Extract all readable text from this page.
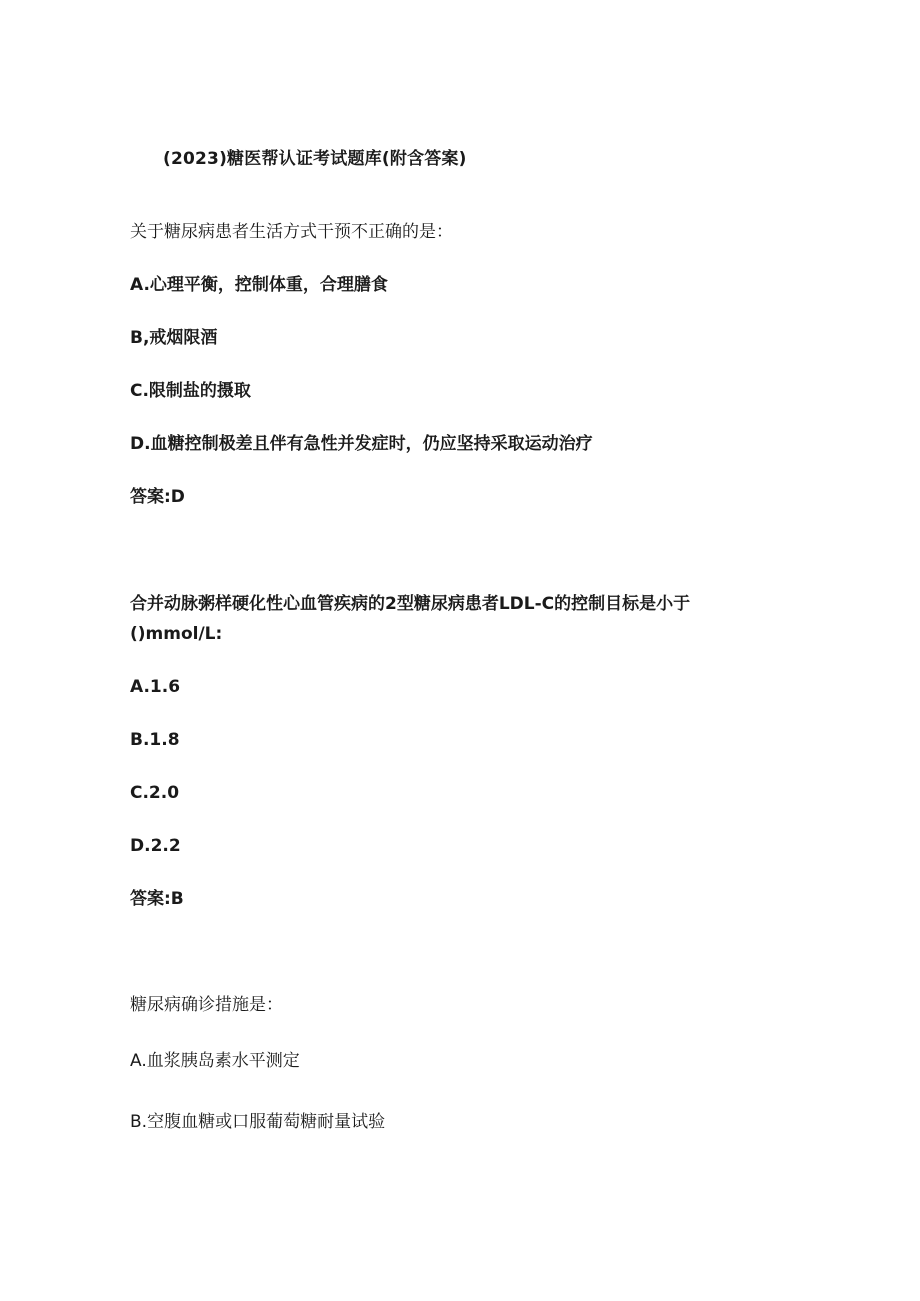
(2023)糖医帮认证考试题库(附含答案)
关于糖尿病患者生活方式干预不正确的是：
A.心理平衡，控制体重，合理膳食
B,戒烟限酒
C.限制盐的摄取
D.血糖控制极差且伴有急性并发症时，仍应坚持采取运动治疗
答案:D
合并动脉粥样硬化性心血管疾病的2型糖尿病患者LDL-C的控制目标是小于()mmol/L:
A.1.6
B.1.8
C.2.0
D.2.2
答案:B
糖尿病确诊措施是：
A.血浆胰岛素水平测定
B.空腹血糖或口服葡萄糖耐量试验
